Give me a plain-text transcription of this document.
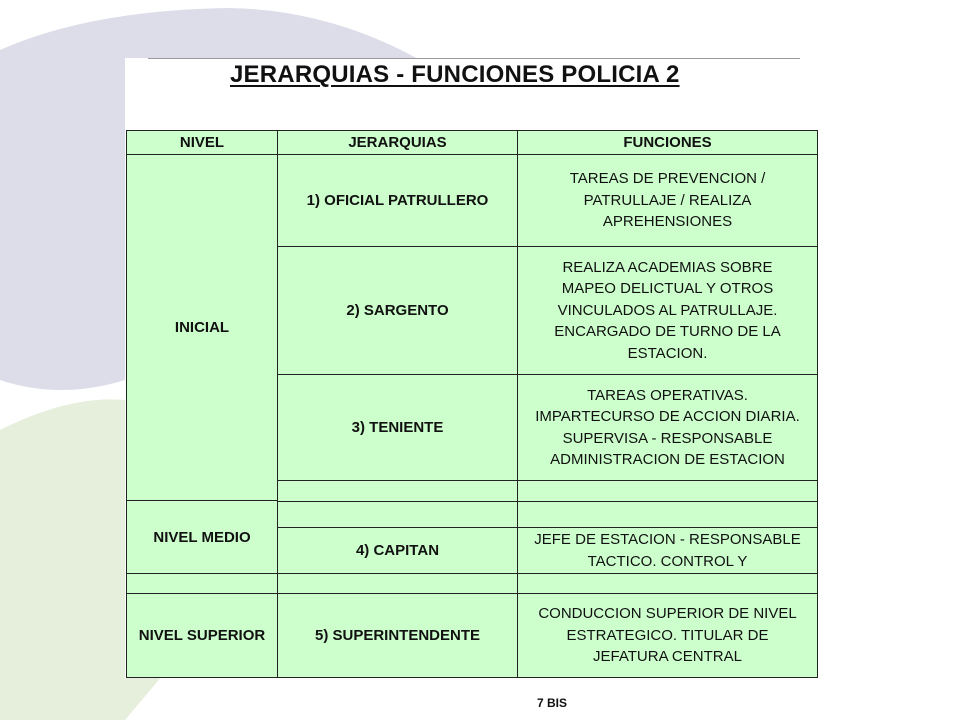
JERARQUIAS - FUNCIONES POLICIA 2
NIVEL	JERARQUIAS	FUNCIONES
INICIAL
NIVEL MEDIO
NIVEL SUPERIOR
1) OFICIAL PATRULLERO
TAREAS DE PREVENCION /
PATRULLAJE / REALIZA
APREHENSIONES
2) SARGENTO
REALIZA ACADEMIAS SOBRE
MAPEO DELICTUAL Y OTROS
VINCULADOS AL PATRULLAJE.
ENCARGADO DE TURNO DE LA
ESTACION.
3) TENIENTE
TAREAS OPERATIVAS.
IMPARTECURSO DE ACCION DIARIA.
SUPERVISA - RESPONSABLE
ADMINISTRACION DE ESTACION
4) CAPITAN
JEFE DE ESTACION - RESPONSABLE
TACTICO. CONTROL Y
5) SUPERINTENDENTE
CONDUCCION SUPERIOR DE NIVEL
ESTRATEGICO. TITULAR DE
JEFATURA CENTRAL
7 BIS
